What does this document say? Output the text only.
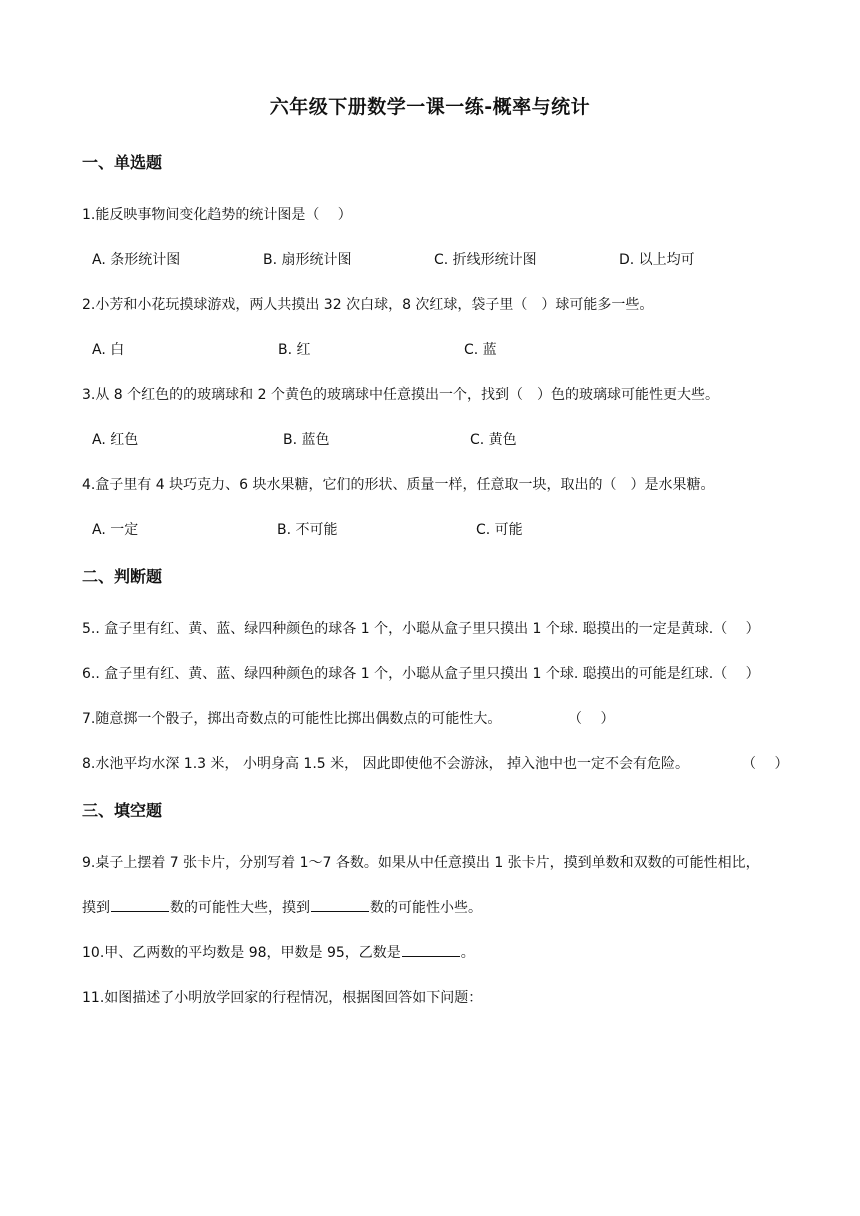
六年级下册数学一课一练-概率与统计
一、单选题
1.能反映事物间变化趋势的统计图是（　 ）
A. 条形统计图	B. 扇形统计图	C. 折线形统计图	D. 以上均可
2.小芳和小花玩摸球游戏，两人共摸出 32 次白球，8 次红球，袋子里（　）球可能多一些。
A. 白	B. 红	C. 蓝
3.从 8 个红色的的玻璃球和 2 个黄色的玻璃球中任意摸出一个，找到（　）色的玻璃球可能性更大些。
A. 红色	B. 蓝色	C. 黄色
4.盒子里有 4 块巧克力、6 块水果糖，它们的形状、质量一样，任意取一块，取出的（　）是水果糖。
A. 一定	B. 不可能	C. 可能
二、判断题
5.. 盒子里有红、黄、蓝、绿四种颜色的球各 1 个，小聪从盒子里只摸出 1 个球. 聪摸出的一定是黄球.（　 ）
6.. 盒子里有红、黄、蓝、绿四种颜色的球各 1 个，小聪从盒子里只摸出 1 个球. 聪摸出的可能是红球.（　 ）
7.随意掷一个骰子，掷出奇数点的可能性比掷出偶数点的可能性大。	（　 ）
8.水池平均水深 1.3 米， 小明身高 1.5 米， 因此即使他不会游泳， 掉入池中也一定不会有危险。	（　 ）
三、填空题
9.桌子上摆着 7 张卡片，分别写着 1～7 各数。如果从中任意摸出 1 张卡片，摸到单数和双数的可能性相比，
摸到	数的可能性大些，摸到	数的可能性小些。
10.甲、乙两数的平均数是 98，甲数是 95，乙数是	。
11.如图描述了小明放学回家的行程情况，根据图回答如下问题：
